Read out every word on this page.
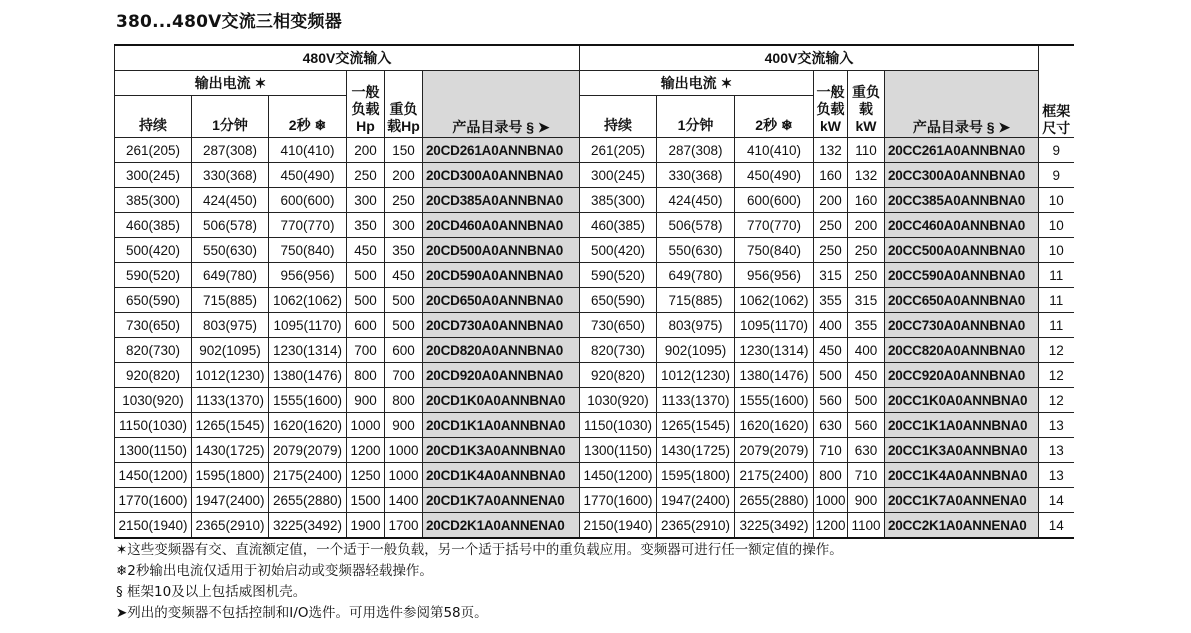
380...480V交流三相变频器
480V交流输入						400V交流输入						框架尺寸
输出电流 ✶			一般负载Hp	重负载Hp	产品目录号 § ➤	输出电流 ✶			一般负载kW	重负载kW	产品目录号 § ➤	
持续	1分钟	2秒 ❄				持续	1分钟	2秒 ❄				
261(205)	287(308)	410(410)	200	150	20CD261A0ANNBNA0	261(205)	287(308)	410(410)	132	110	20CC261A0ANNBNA0	9
300(245)	330(368)	450(490)	250	200	20CD300A0ANNBNA0	300(245)	330(368)	450(490)	160	132	20CC300A0ANNBNA0	9
385(300)	424(450)	600(600)	300	250	20CD385A0ANNBNA0	385(300)	424(450)	600(600)	200	160	20CC385A0ANNBNA0	10
460(385)	506(578)	770(770)	350	300	20CD460A0ANNBNA0	460(385)	506(578)	770(770)	250	200	20CC460A0ANNBNA0	10
500(420)	550(630)	750(840)	450	350	20CD500A0ANNBNA0	500(420)	550(630)	750(840)	250	250	20CC500A0ANNBNA0	10
590(520)	649(780)	956(956)	500	450	20CD590A0ANNBNA0	590(520)	649(780)	956(956)	315	250	20CC590A0ANNBNA0	11
650(590)	715(885)	1062(1062)	500	500	20CD650A0ANNBNA0	650(590)	715(885)	1062(1062)	355	315	20CC650A0ANNBNA0	11
730(650)	803(975)	1095(1170)	600	500	20CD730A0ANNBNA0	730(650)	803(975)	1095(1170)	400	355	20CC730A0ANNBNA0	11
820(730)	902(1095)	1230(1314)	700	600	20CD820A0ANNBNA0	820(730)	902(1095)	1230(1314)	450	400	20CC820A0ANNBNA0	12
920(820)	1012(1230)	1380(1476)	800	700	20CD920A0ANNBNA0	920(820)	1012(1230)	1380(1476)	500	450	20CC920A0ANNBNA0	12
1030(920)	1133(1370)	1555(1600)	900	800	20CD1K0A0ANNBNA0	1030(920)	1133(1370)	1555(1600)	560	500	20CC1K0A0ANNBNA0	12
1150(1030)	1265(1545)	1620(1620)	1000	900	20CD1K1A0ANNBNA0	1150(1030)	1265(1545)	1620(1620)	630	560	20CC1K1A0ANNBNA0	13
1300(1150)	1430(1725)	2079(2079)	1200	1000	20CD1K3A0ANNBNA0	1300(1150)	1430(1725)	2079(2079)	710	630	20CC1K3A0ANNBNA0	13
1450(1200)	1595(1800)	2175(2400)	1250	1000	20CD1K4A0ANNBNA0	1450(1200)	1595(1800)	2175(2400)	800	710	20CC1K4A0ANNBNA0	13
1770(1600)	1947(2400)	2655(2880)	1500	1400	20CD1K7A0ANNENA0	1770(1600)	1947(2400)	2655(2880)	1000	900	20CC1K7A0ANNENA0	14
2150(1940)	2365(2910)	3225(3492)	1900	1700	20CD2K1A0ANNENA0	2150(1940)	2365(2910)	3225(3492)	1200	1100	20CC2K1A0ANNENA0	14
✶这些变频器有交、直流额定值，一个适于一般负载，另一个适于括号中的重负载应用。变频器可进行任一额定值的操作。
❄2秒输出电流仅适用于初始启动或变频器轻载操作。
§ 框架10及以上包括威图机壳。
➤列出的变频器不包括控制和I/O选件。可用选件参阅第58页。
